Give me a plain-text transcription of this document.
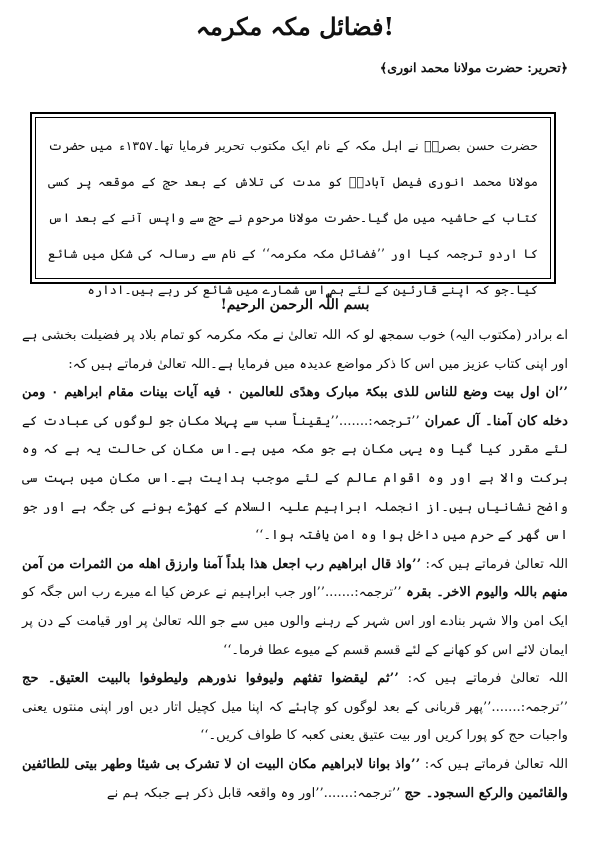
فضائل مکہ مکرمہ!
﴿تحریر: حضرت مولانا محمد انوری﴾
حضرت حسن بصریؒ نے اہل مکہ کے نام ایک مکتوب تحریر فرمایا تھا۔۱۳۵۷ء میں حضرت مولانا محمد انوری فیصل آبادیؒ کو مدت کی تلاش کے بعد حج کے موقعہ پر کسی کتاب کے حاشیہ میں مل گیا۔حضرت مولانا مرحوم نے حج سے واپس آنے کے بعد اس کا اردو ترجمہ کیا اور ’’فضائل مکہ مکرمہ‘‘ کے نام سے رسالہ کی شکل میں شائع کیا۔جو کہ اپنے قارئین کے لئے ہم اس شمارے میں شائع کر رہے ہیں۔ادارہ
بسم اللّٰہ الرحمن الرحیم!

اے برادر (مکتوب الیہ) خوب سمجھ لو کہ اللہ تعالیٰ نے مکہ مکرمہ کو تمام بلاد پر فضیلت بخشی ہے اور اپنی کتاب عزیز میں اس کا ذکر مواضع عدیدہ میں فرمایا ہے۔اللہ تعالیٰ فرماتے ہیں کہ:

’’ان اول بیت وضع للناس للذی ببکۃ مبارک وھدًی للعالمین ۰ فیه آیات بینات مقام ابراھیم ۰ ومن دخله کان آمنا۔ آل عمران ’’ترجمہ:.......’’یقیناً سب سے پہلا مکان جو لوگوں کی عبادت کے لئے مقرر کیا گیا وہ یہی مکان ہے جو مکہ میں ہے۔اس مکان کی حالت یہ ہے کہ وہ برکت والا ہے اور وہ اقوام عالم کے لئے موجب ہدایت ہے۔اس مکان میں بہت سی واضح نشانیاں ہیں۔از انجملہ ابراہیم علیہ السلام کے کھڑے ہونے کی جگہ ہے اور جو اس گھر کے حرم میں داخل ہوا وہ امن یافتہ ہوا۔‘‘

اللہ تعالیٰ فرماتے ہیں کہ: ’’واذ قال ابراھیم رب اجعل ھذا بلداً آمنا وارزق اھله من الثمرات من آمن منھم باللہ والیوم الاخر۔ بقرہ ’’ترجمہ:.......’’اور جب ابراہیم نے عرض کیا اے میرے رب اس جگہ کو ایک امن والا شہر بنادے اور اس شہر کے رہنے والوں میں سے جو اللہ تعالیٰ پر اور قیامت کے دن پر ایمان لائے اس کو کھانے کے لئے قسم قسم کے میوے عطا فرما۔‘‘

اللہ تعالیٰ فرماتے ہیں کہ: ’’ثم لیقضوا تفثھم ولیوفوا نذورھم ولیطوفوا بالبیت العتیق۔ حج ’’ترجمہ:.......’’پھر قربانی کے بعد لوگوں کو چاہئے کہ اپنا میل کچیل اتار دیں اور اپنی منتوں یعنی واجبات حج کو پورا کریں اور بیت عتیق یعنی کعبہ کا طواف کریں۔‘‘

اللہ تعالیٰ فرماتے ہیں کہ: ’’واذ بوانا لابراھیم مکان البیت ان لا تشرک بی شیئا وطھر بیتی للطائفین والقائمین والرکع السجود۔ حج ’’ترجمہ:.......’’اور وہ واقعہ قابل ذکر ہے جبکہ ہم نے
